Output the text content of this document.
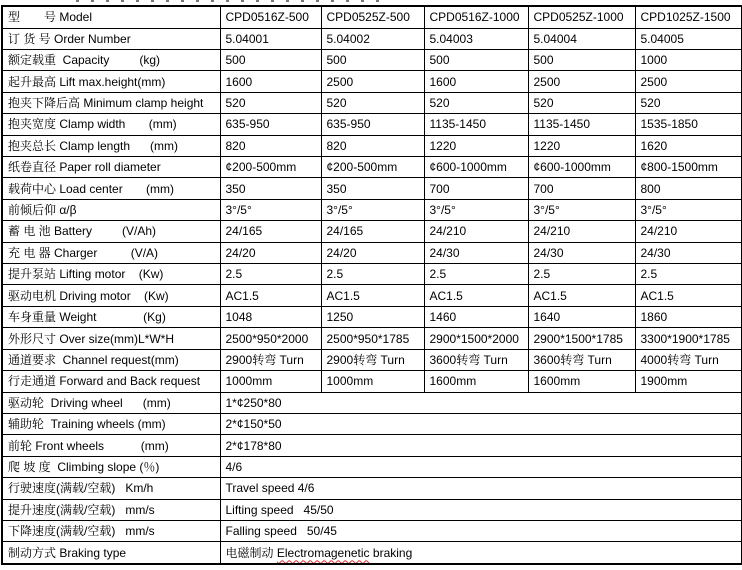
型　　号 Model	CPD0516Z-500	CPD0525Z-500	CPD0516Z-1000	CPD0525Z-1000	CPD1025Z-1500
订 货 号 Order Number	5.04001	5.04002	5.04003	5.04004	5.04005
额定载重  Capacity         (kg)	500	500	500	500	1000
起升最高 Lift max.height(mm)	1600	2500	1600	2500	2500
抱夹下降后高 Minimum clamp height	520	520	520	520	520
抱夹宽度 Clamp width       (mm)	635-950	635-950	1135-1450	1135-1450	1535-1850
抱夹总长 Clamp length      (mm)	820	820	1220	1220	1620
纸卷直径 Paper roll diameter	¢200-500mm	¢200-500mm	¢600-1000mm	¢600-1000mm	¢800-1500mm
载荷中心 Load center       (mm)	350	350	700	700	800
前倾后仰 α/β	3°/5°	3°/5°	3°/5°	3°/5°	3°/5°
蓄 电 池 Battery         (V/Ah)	24/165	24/165	24/210	24/210	24/210
充 电 器 Charger          (V/A)	24/20	24/20	24/30	24/30	24/30
提升泵站 Lifting motor    (Kw)	2.5	2.5	2.5	2.5	2.5
驱动电机 Driving motor    (Kw)	AC1.5	AC1.5	AC1.5	AC1.5	AC1.5
车身重量 Weight              (Kg)	1048	1250	1460	1640	1860
外形尺寸 Over size(mm)L*W*H	2500*950*2000	2500*950*1785	2900*1500*2000	2900*1500*1785	3300*1900*1785
通道要求  Channel request(mm)	2900转弯 Turn	2900转弯 Turn	3600转弯 Turn	3600转弯 Turn	4000转弯 Turn
行走通道 Forward and Back request	1000mm	1000mm	1600mm	1600mm	1900mm
驱动轮  Driving wheel      (mm)	1*¢250*80				
辅助轮  Training wheels (mm)	2*¢150*50				
前轮 Front wheels           (mm)	2*¢178*80				
爬 坡 度  Climbing slope (％)	4/6				
行驶速度(满载/空载)   Km/h	Travel speed 4/6				
提升速度(满载/空载)   mm/s	Lifting speed   45/50				
下降速度(满载/空载)   mm/s	Falling speed   50/45				
制动方式 Braking type	电磁制动 Electromagenetic braking				
